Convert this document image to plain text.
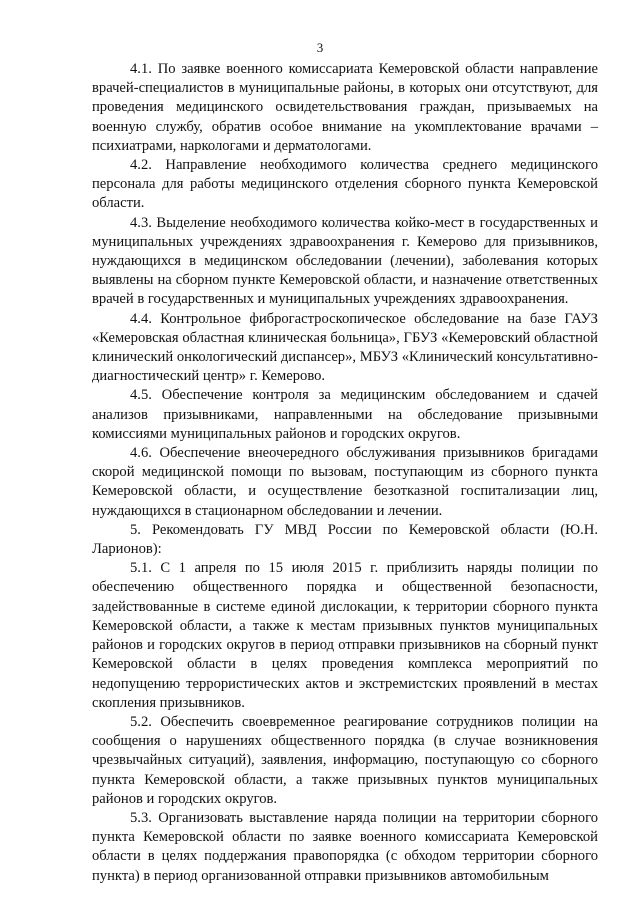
3

4.1. По заявке военного комиссариата Кемеровской области направление врачей-специалистов в муниципальные районы, в которых они отсутствуют, для проведения медицинского освидетельствования граждан, призываемых на военную службу, обратив особое внимание на укомплектование врачами – психиатрами, наркологами и дерматологами.

4.2. Направление необходимого количества среднего медицинского персонала для работы медицинского отделения сборного пункта Кемеровской области.

4.3. Выделение необходимого количества койко-мест в государственных и муниципальных учреждениях здравоохранения г. Кемерово для призывников, нуждающихся в медицинском обследовании (лечении), заболевания которых выявлены на сборном пункте Кемеровской области, и назначение ответственных врачей в государственных и муниципальных учреждениях здравоохранения.

4.4. Контрольное фиброгастроскопическое обследование на базе ГАУЗ «Кемеровская областная клиническая больница», ГБУЗ «Кемеровский областной клинический онкологический диспансер», МБУЗ «Клинический консультативно-диагностический центр» г. Кемерово.

4.5. Обеспечение контроля за медицинским обследованием и сдачей анализов призывниками, направленными на обследование призывными комиссиями муниципальных районов и городских округов.

4.6. Обеспечение внеочередного обслуживания призывников бригадами скорой медицинской помощи по вызовам, поступающим из сборного пункта Кемеровской области, и осуществление безотказной госпитализации лиц, нуждающихся в стационарном обследовании и лечении.

5. Рекомендовать ГУ МВД России по Кемеровской области (Ю.Н. Ларионов):

5.1. С 1 апреля по 15 июля 2015 г. приблизить наряды полиции по обеспечению общественного порядка и общественной безопасности, задействованные в системе единой дислокации, к территории сборного пункта Кемеровской области, а также к местам призывных пунктов муниципальных районов и городских округов в период отправки призывников на сборный пункт Кемеровской области в целях проведения комплекса мероприятий по недопущению террористических актов и экстремистских проявлений в местах скопления призывников.

5.2. Обеспечить своевременное реагирование сотрудников полиции на сообщения о нарушениях общественного порядка (в случае возникновения чрезвычайных ситуаций), заявления, информацию, поступающую со сборного пункта Кемеровской области, а также призывных пунктов муниципальных районов и городских округов.

5.3. Организовать выставление наряда полиции на территории сборного пункта Кемеровской области по заявке военного комиссариата Кемеровской области в целях поддержания правопорядка (с обходом территории сборного пункта) в период организованной отправки призывников автомобильным
